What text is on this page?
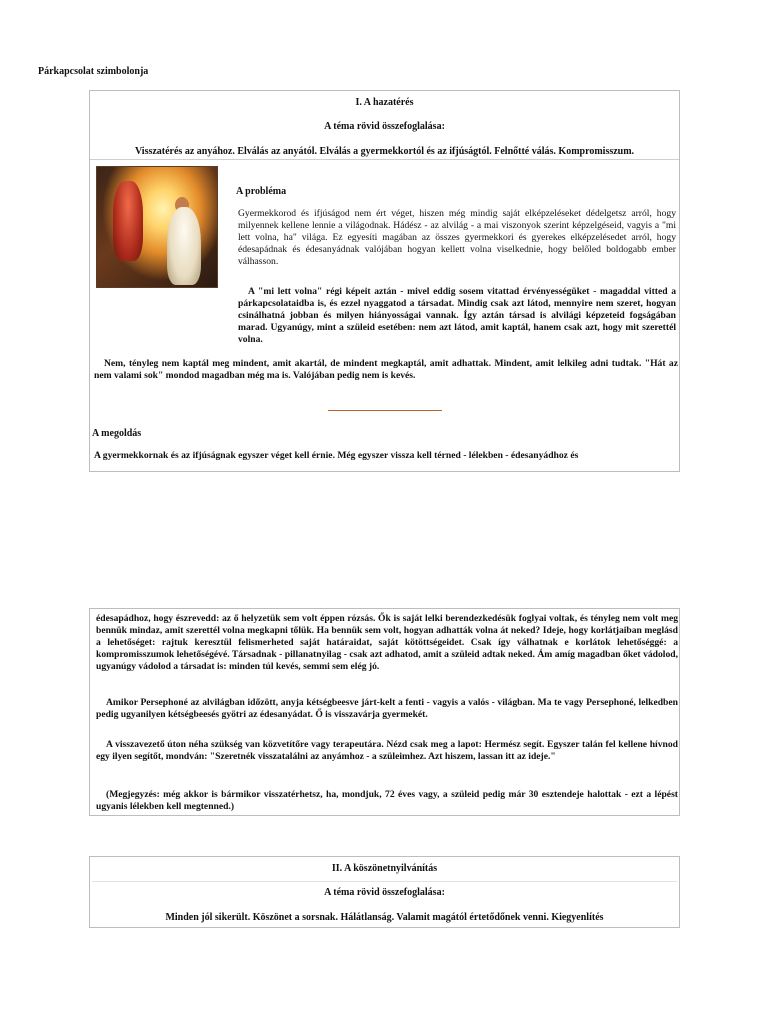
Párkapcsolat szimbolonja
I. A hazatérés
A téma rövid összefoglalása:
Visszatérés az anyához. Elválás az anyától. Elválás a gyermekkortól és az ifjúságtól. Felnőtté válás. Kompromisszum.
A probléma

Gyermekkorod és ifjúságod nem ért véget, hiszen még mindig saját elképzeléseket dédelgetsz arról, hogy milyennek kellene lennie a világodnak. Hádész - az alvilág - a mai viszonyok szerint képzelgéseid, vagyis a "mi lett volna, ha" világa. Ez egyesíti magában az összes gyermekkori és gyerekes elképzelésedet arról, hogy édesapádnak és édesanyádnak valójában hogyan kellett volna viselkednie, hogy belőled boldogabb ember válhasson.

A "mi lett volna" régi képeit aztán - mivel eddig sosem vitattad érvényességüket - magaddal vitted a párkapcsolataidba is, és ezzel nyaggatod a társadat. Mindig csak azt látod, mennyire nem szeret, hogyan csinálhatná jobban és milyen hiányosságai vannak. Így aztán társad is alvilági képzeteid fogságában marad. Ugyanúgy, mint a szüleid esetében: nem azt látod, amit kaptál, hanem csak azt, hogy mit szerettél volna.

Nem, tényleg nem kaptál meg mindent, amit akartál, de mindent megkaptál, amit adhattak. Mindent, amit lelkileg adni tudtak. "Hát az nem valami sok" mondod magadban még ma is. Valójában pedig nem is kevés.

A megoldás

A gyermekkornak és az ifjúságnak egyszer véget kell érnie. Még egyszer vissza kell térned - lélekben - édesanyádhoz és

édesapádhoz, hogy észrevedd: az ő helyzetük sem volt éppen rózsás. Ők is saját lelki berendezkedésük foglyai voltak, és tényleg nem volt meg bennük mindaz, amit szerettél volna megkapni tőlük. Ha bennük sem volt, hogyan adhatták volna át neked? Ideje, hogy korlátjaiban meglásd a lehetőséget: rajtuk keresztül felismerheted saját határaidat, saját kötöttségeidet. Csak így válhatnak e korlátok lehetőséggé: a kompromisszumok lehetőségévé. Társadnak - pillanatnyilag - csak azt adhatod, amit a szüleid adtak neked. Ám amíg magadban őket vádolod, ugyanúgy vádolod a társadat is: minden túl kevés, semmi sem elég jó.

Amikor Persephoné az alvilágban időzött, anyja kétségbeesve járt-kelt a fenti - vagyis a valós - világban. Ma te vagy Persephoné, lelkedben pedig ugyanilyen kétségbeesés gyötri az édesanyádat. Ő is visszavárja gyermekét.

A visszavezető úton néha szükség van közvetítőre vagy terapeutára. Nézd csak meg a lapot: Hermész segít. Egyszer talán fel kellene hívnod egy ilyen segítőt, mondván: "Szeretnék visszatalálni az anyámhoz - a szüleimhez. Azt hiszem, lassan itt az ideje."

(Megjegyzés: még akkor is bármikor visszatérhetsz, ha, mondjuk, 72 éves vagy, a szüleid pedig már 30 esztendeje halottak - ezt a lépést ugyanis lélekben kell megtenned.)

II. A köszönetnyilvánítás
A téma rövid összefoglalása:
Minden jól sikerült. Köszönet a sorsnak. Hálátlanság. Valamit magától értetődőnek venni. Kiegyenlítés
